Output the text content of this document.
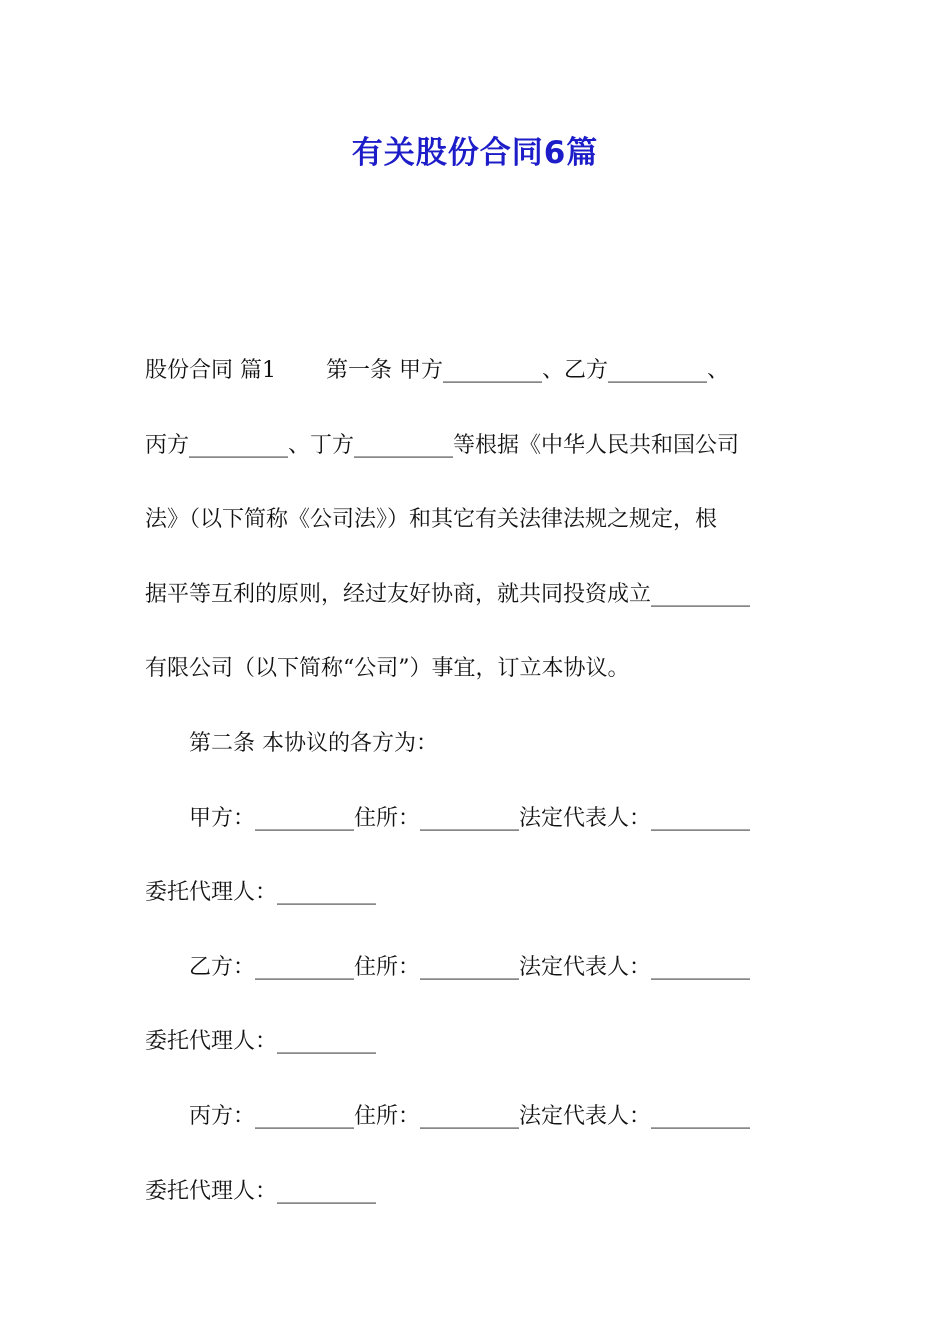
有关股份合同6篇

股份合同 篇1 第一条 甲方_________、乙方_________、

丙方_________、丁方_________等根据《中华人民共和国公司

法》（以下简称《公司法》）和其它有关法律法规之规定，根

据平等互利的原则，经过友好协商，就共同投资成立_________

有限公司（以下简称“公司”）事宜，订立本协议。

第二条 本协议的各方为：

甲方：_________住所：_________法定代表人：_________

委托代理人：_________

乙方：_________住所：_________法定代表人：_________

委托代理人：_________

丙方：_________住所：_________法定代表人：_________

委托代理人：_________
